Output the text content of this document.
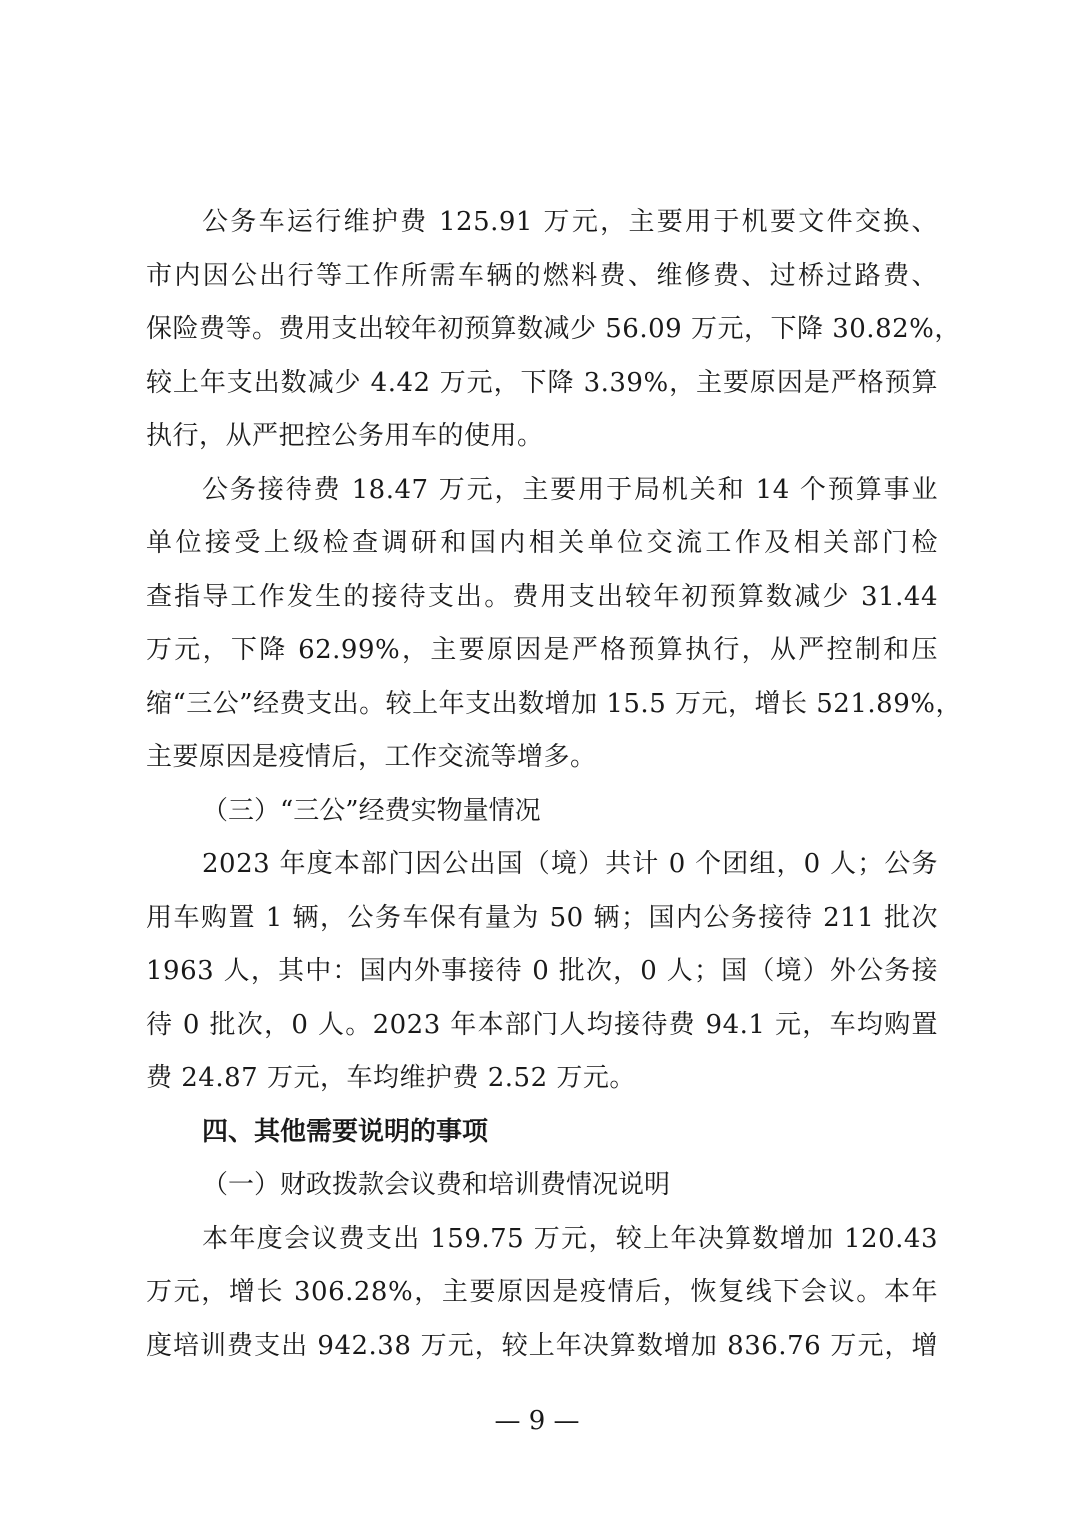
公务车运行维护费 125.91 万元，主要用于机要文件交换、
市内因公出行等工作所需车辆的燃料费、维修费、过桥过路费、
保险费等。费用支出较年初预算数减少 56.09 万元，下降 30.82%，
较上年支出数减少 4.42 万元，下降 3.39%，主要原因是严格预算
执行，从严把控公务用车的使用。
公务接待费 18.47 万元，主要用于局机关和 14 个预算事业
单位接受上级检查调研和国内相关单位交流工作及相关部门检
查指导工作发生的接待支出。费用支出较年初预算数减少 31.44
万元，下降 62.99%，主要原因是严格预算执行，从严控制和压
缩“三公”经费支出。较上年支出数增加 15.5 万元，增长 521.89%，
主要原因是疫情后，工作交流等增多。

（三）“三公”经费实物量情况

2023 年度本部门因公出国（境）共计 0 个团组，0 人；公务
用车购置 1 辆，公务车保有量为 50 辆；国内公务接待 211 批次
1963 人，其中：国内外事接待 0 批次，0 人；国（境）外公务接
待 0 批次，0 人。2023 年本部门人均接待费 94.1 元，车均购置
费 24.87 万元，车均维护费 2.52 万元。

四、其他需要说明的事项

（一）财政拨款会议费和培训费情况说明

本年度会议费支出 159.75 万元，较上年决算数增加 120.43
万元，增长 306.28%，主要原因是疫情后，恢复线下会议。本年
度培训费支出 942.38 万元，较上年决算数增加 836.76 万元，增
— 9 —
